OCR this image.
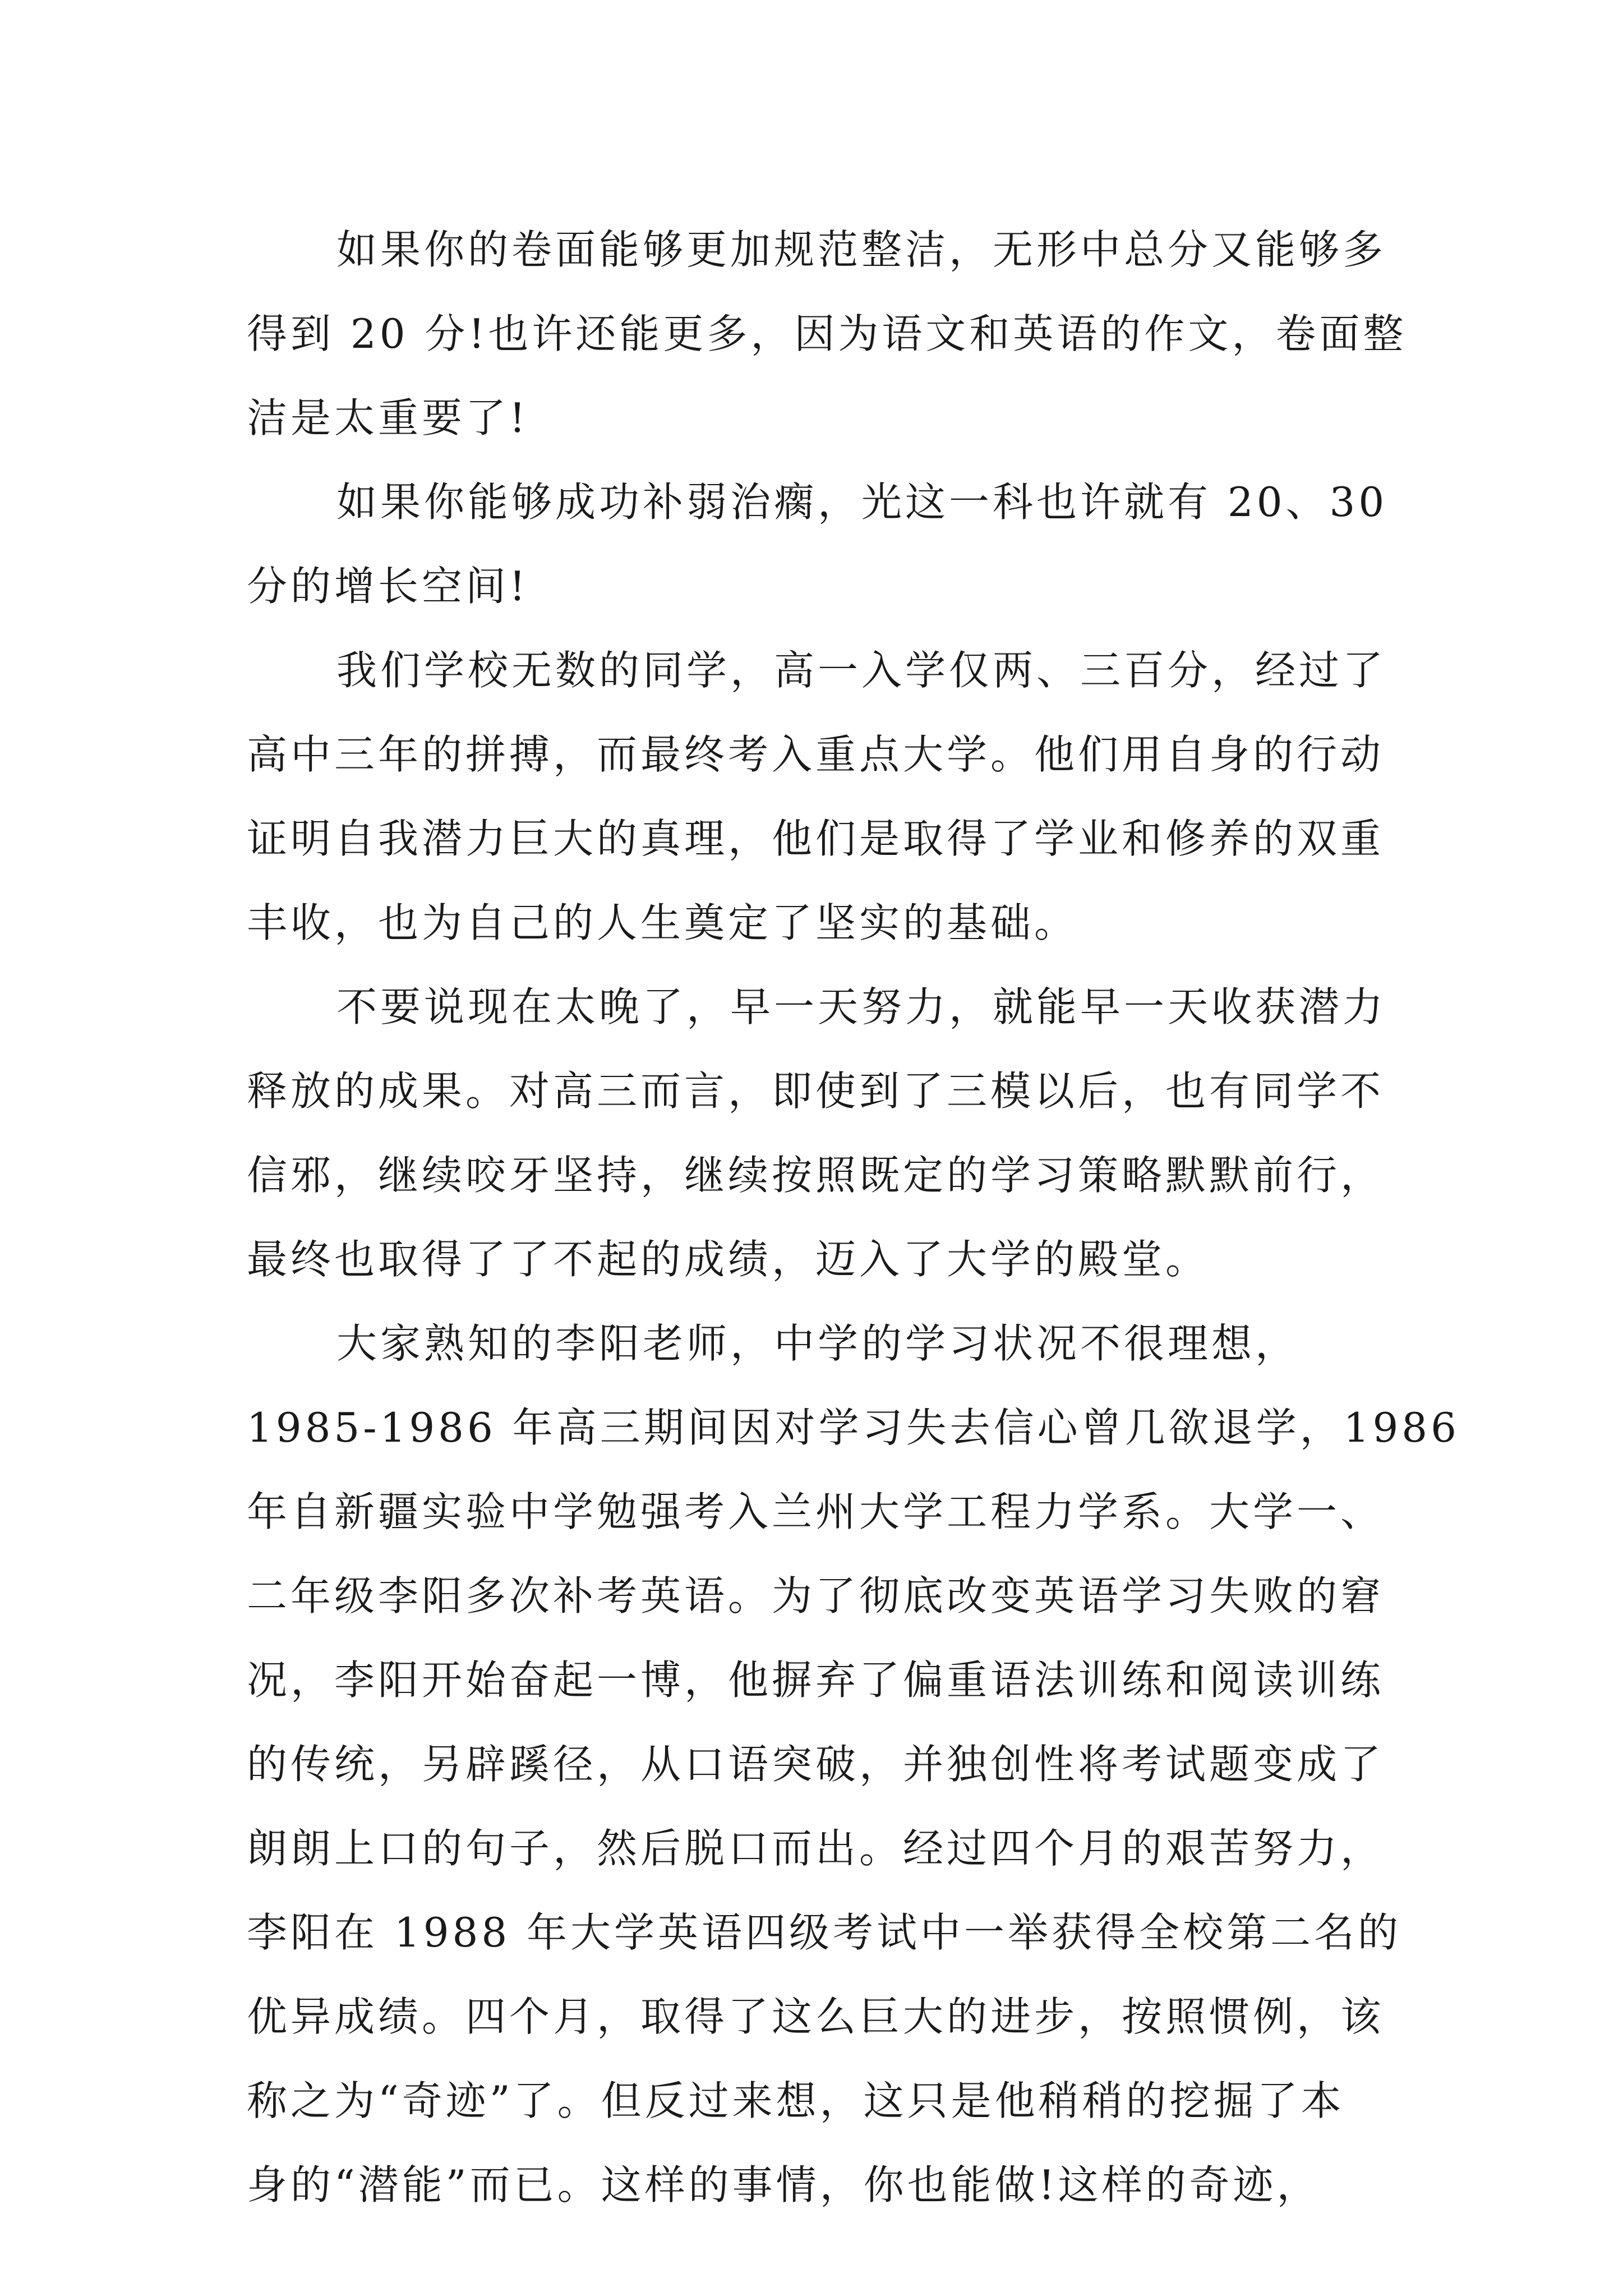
如果你的卷面能够更加规范整洁，无形中总分又能够多
得到 20 分!也许还能更多，因为语文和英语的作文，卷面整
洁是太重要了!
如果你能够成功补弱治瘸，光这一科也许就有 20、30
分的增长空间!
我们学校无数的同学，高一入学仅两、三百分，经过了
高中三年的拼搏，而最终考入重点大学。他们用自身的行动
证明自我潜力巨大的真理，他们是取得了学业和修养的双重
丰收，也为自己的人生奠定了坚实的基础。
不要说现在太晚了，早一天努力，就能早一天收获潜力
释放的成果。对高三而言，即使到了三模以后，也有同学不
信邪，继续咬牙坚持，继续按照既定的学习策略默默前行，
最终也取得了了不起的成绩，迈入了大学的殿堂。
大家熟知的李阳老师，中学的学习状况不很理想，
1985-1986 年高三期间因对学习失去信心曾几欲退学，1986
年自新疆实验中学勉强考入兰州大学工程力学系。大学一、
二年级李阳多次补考英语。为了彻底改变英语学习失败的窘
况，李阳开始奋起一博，他摒弃了偏重语法训练和阅读训练
的传统，另辟蹊径，从口语突破，并独创性将考试题变成了
朗朗上口的句子，然后脱口而出。经过四个月的艰苦努力，
李阳在 1988 年大学英语四级考试中一举获得全校第二名的
优异成绩。四个月，取得了这么巨大的进步，按照惯例，该
称之为“奇迹”了。但反过来想，这只是他稍稍的挖掘了本
身的“潜能”而已。这样的事情，你也能做!这样的奇迹，
